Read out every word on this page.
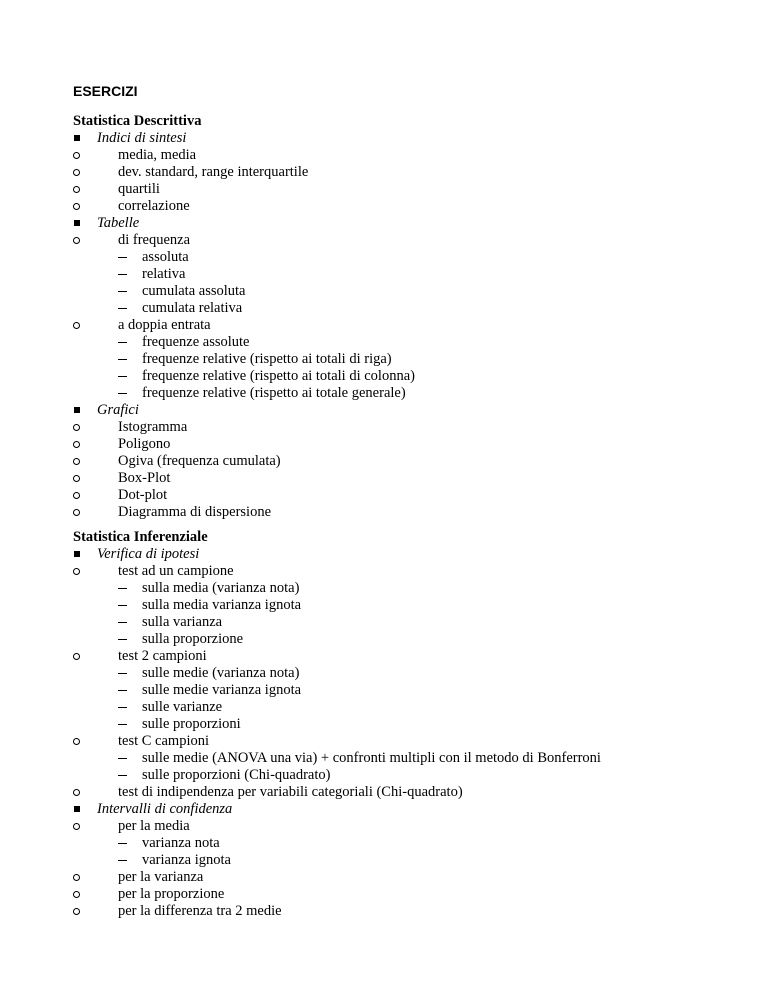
ESERCIZI
Statistica Descrittiva
Indici di sintesi
media, media
dev. standard, range interquartile
quartili
correlazione
Tabelle
di frequenza
assoluta
relativa
cumulata assoluta
cumulata relativa
a doppia entrata
frequenze assolute
frequenze relative (rispetto ai totali di riga)
frequenze relative (rispetto ai totali di colonna)
frequenze relative (rispetto ai totale generale)
Grafici
Istogramma
Poligono
Ogiva (frequenza cumulata)
Box-Plot
Dot-plot
Diagramma di dispersione
Statistica Inferenziale
Verifica di ipotesi
test ad un campione
sulla media (varianza nota)
sulla media varianza ignota
sulla varianza
sulla proporzione
test 2 campioni
sulle medie (varianza nota)
sulle medie varianza ignota
sulle varianze
sulle proporzioni
test C campioni
sulle medie (ANOVA una via) + confronti multipli con il metodo di Bonferroni
sulle proporzioni (Chi-quadrato)
test di indipendenza per variabili categoriali (Chi-quadrato)
Intervalli di confidenza
per la media
varianza nota
varianza ignota
per la varianza
per la proporzione
per la differenza tra 2 medie
